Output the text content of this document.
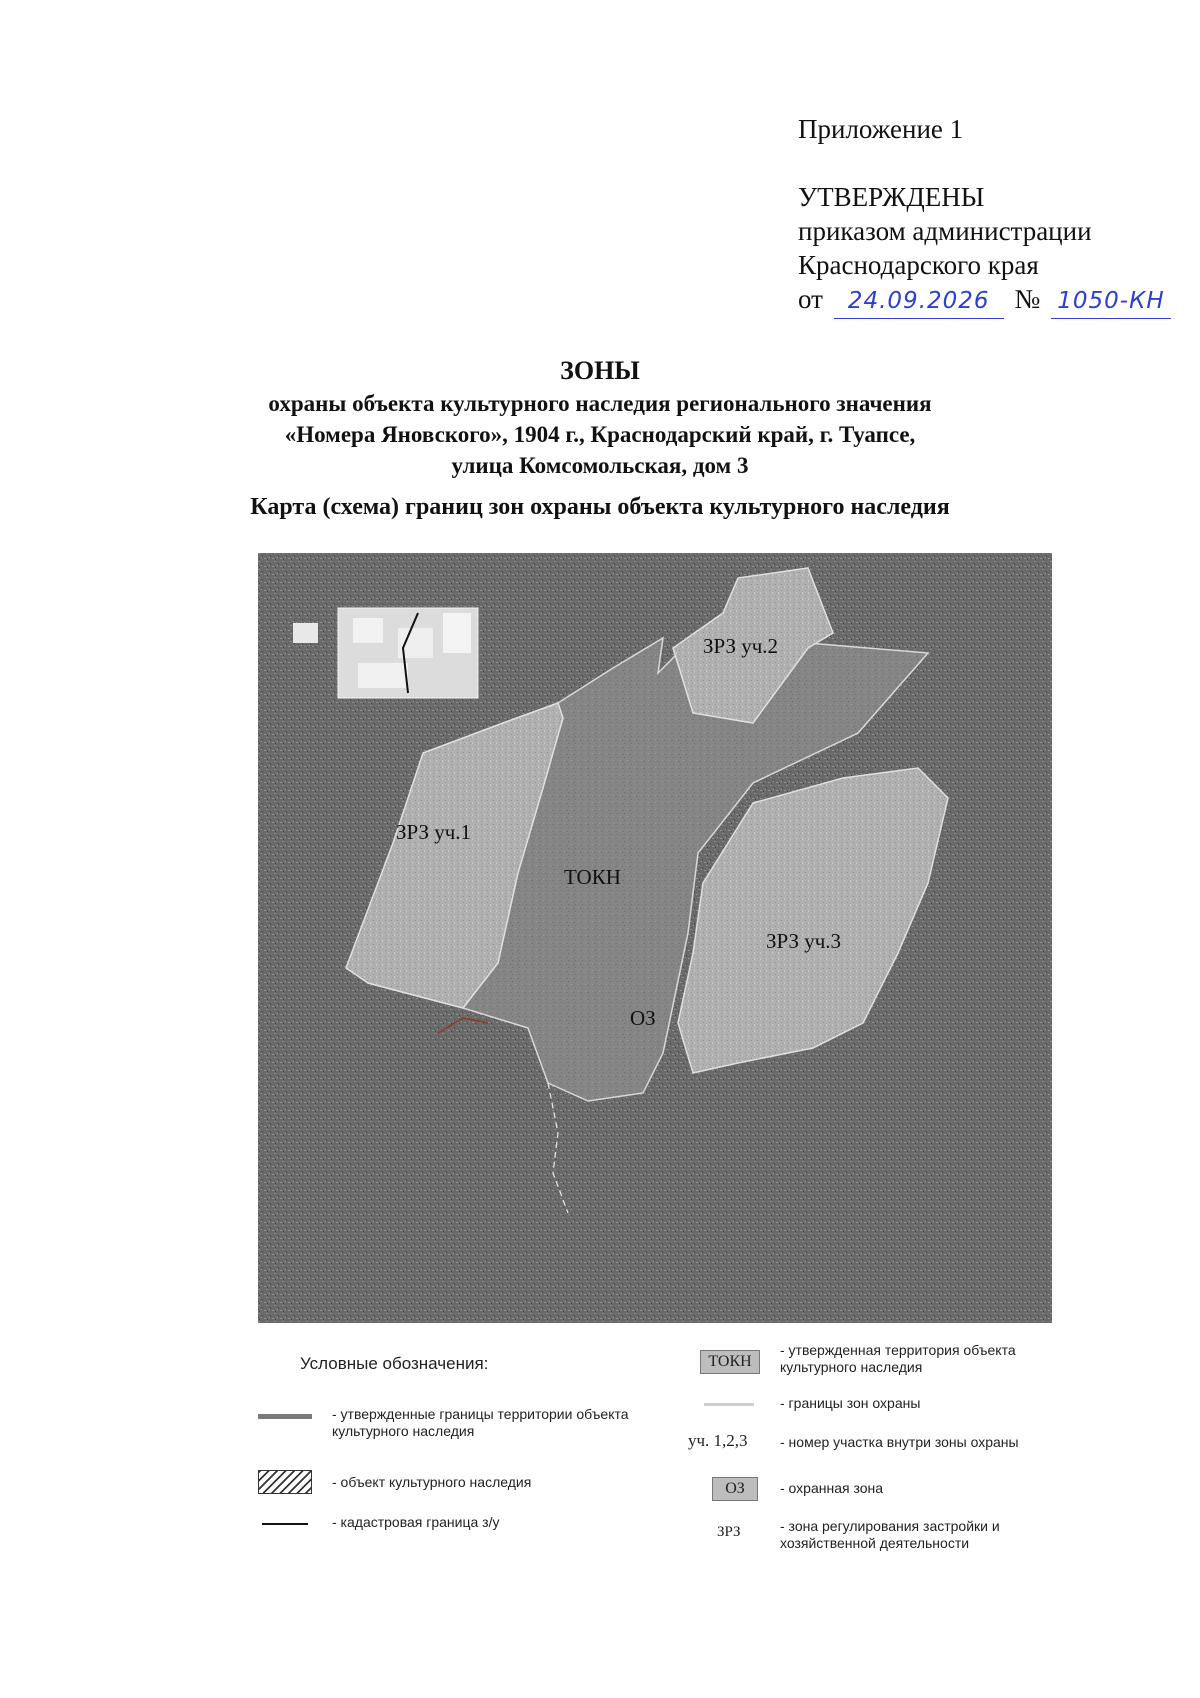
Приложение 1
УТВЕРЖДЕНЫ
приказом администрации
Краснодарского края
от 24.09.2026 № 1050-КН
ЗОНЫ
охраны объекта культурного наследия регионального значения
«Номера Яновского», 1904 г., Краснодарский край, г. Туапсе,
улица Комсомольская, дом 3
Карта (схема) границ зон охраны объекта культурного наследия
ЗРЗ уч.1
ЗРЗ уч.2
ЗРЗ уч.3
ТОКН
ОЗ
Условные обозначения:
- утвержденные границы территории объекта культурного наследия
- объект культурного наследия
- кадастровая граница з/у
ТОКН
- утвержденная территория объекта культурного наследия
- границы зон охраны
уч. 1,2,3 - номер участка внутри зоны охраны
ОЗ	- охранная зона
ЗРЗ	- зона регулирования застройки и хозяйственной деятельности
